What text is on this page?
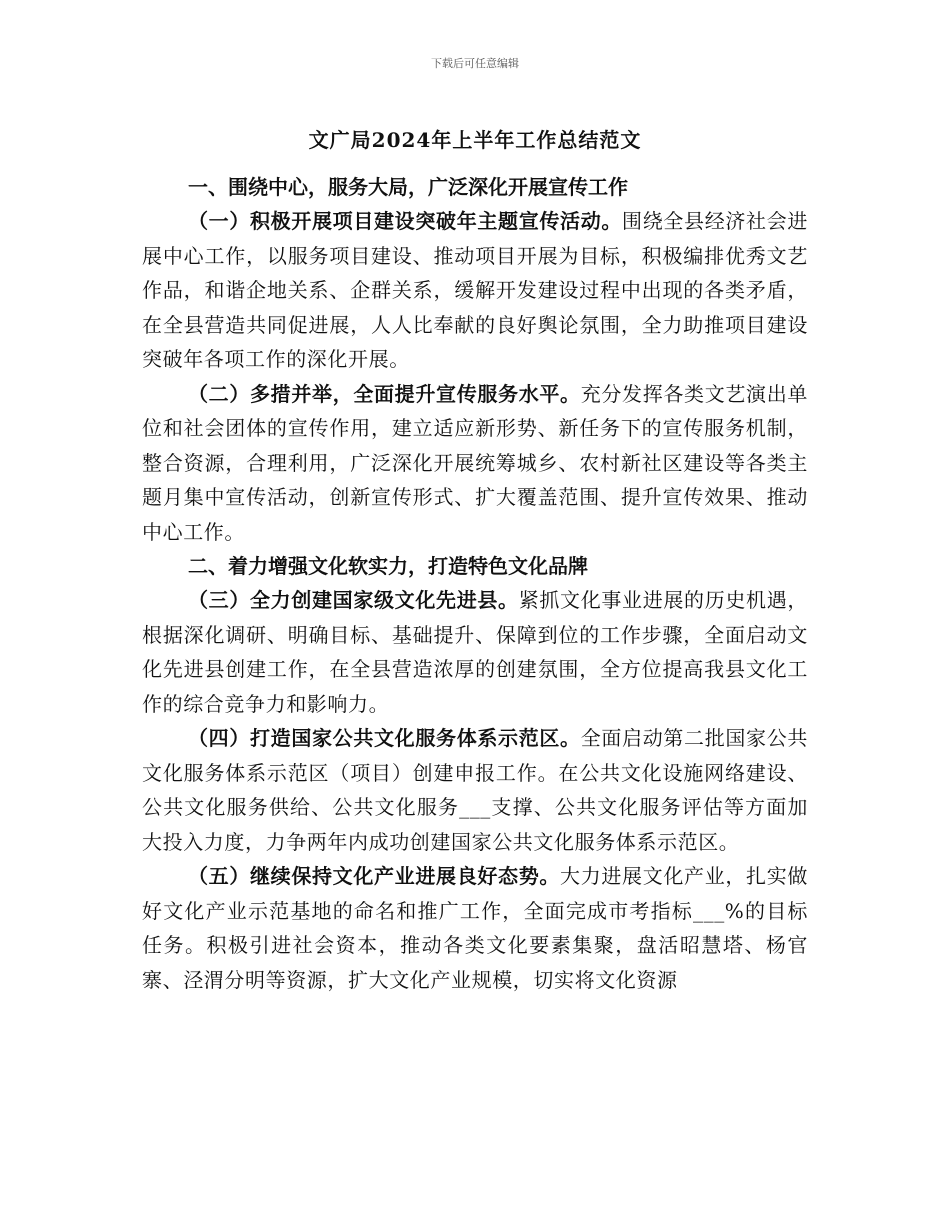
下载后可任意编辑
文广局2024年上半年工作总结范文

一、围绕中心，服务大局，广泛深化开展宣传工作

（一）积极开展项目建设突破年主题宣传活动。围绕全县经济社会进展中心工作，以服务项目建设、推动项目开展为目标，积极编排优秀文艺作品，和谐企地关系、企群关系，缓解开发建设过程中出现的各类矛盾，在全县营造共同促进展，人人比奉献的良好舆论氛围，全力助推项目建设突破年各项工作的深化开展。

（二）多措并举，全面提升宣传服务水平。充分发挥各类文艺演出单位和社会团体的宣传作用，建立适应新形势、新任务下的宣传服务机制，整合资源，合理利用，广泛深化开展统筹城乡、农村新社区建设等各类主题月集中宣传活动，创新宣传形式、扩大覆盖范围、提升宣传效果、推动中心工作。

二、着力增强文化软实力，打造特色文化品牌

（三）全力创建国家级文化先进县。紧抓文化事业进展的历史机遇，根据深化调研、明确目标、基础提升、保障到位的工作步骤，全面启动文化先进县创建工作，在全县营造浓厚的创建氛围，全方位提高我县文化工作的综合竞争力和影响力。

（四）打造国家公共文化服务体系示范区。全面启动第二批国家公共文化服务体系示范区（项目）创建申报工作。在公共文化设施网络建设、公共文化服务供给、公共文化服务___支撑、公共文化服务评估等方面加大投入力度，力争两年内成功创建国家公共文化服务体系示范区。

（五）继续保持文化产业进展良好态势。大力进展文化产业，扎实做好文化产业示范基地的命名和推广工作，全面完成市考指标___%的目标任务。积极引进社会资本，推动各类文化要素集聚，盘活昭慧塔、杨官寨、泾渭分明等资源，扩大文化产业规模，切实将文化资源
